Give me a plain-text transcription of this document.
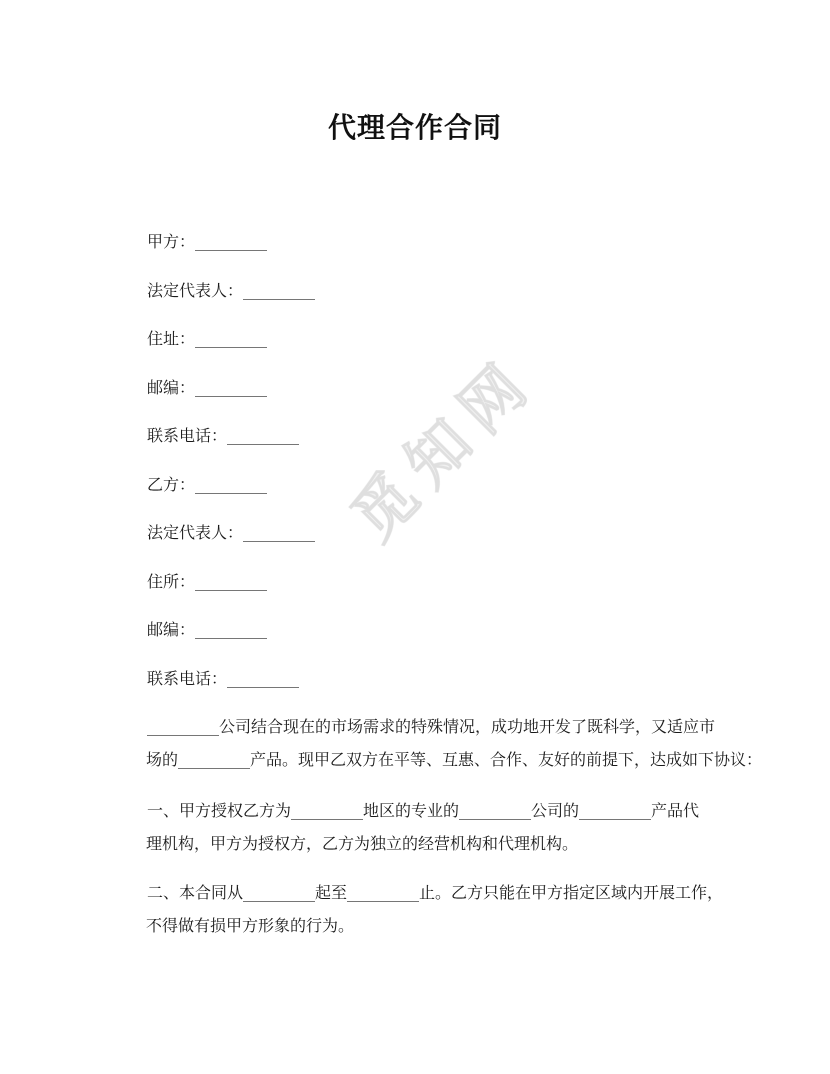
觅知网
代理合作合同
甲方：_________
法定代表人：_________
住址：_________
邮编：_________
联系电话：_________
乙方：_________
法定代表人：_________
住所：_________
邮编：_________
联系电话：_________
_________公司结合现在的市场需求的特殊情况，成功地开发了既科学，又适应市
场的_________产品。现甲乙双方在平等、互惠、合作、友好的前提下，达成如下协议：
一、甲方授权乙方为_________地区的专业的_________公司的_________产品代
理机构，甲方为授权方，乙方为独立的经营机构和代理机构。
二、本合同从_________起至_________止。乙方只能在甲方指定区域内开展工作，
不得做有损甲方形象的行为。
